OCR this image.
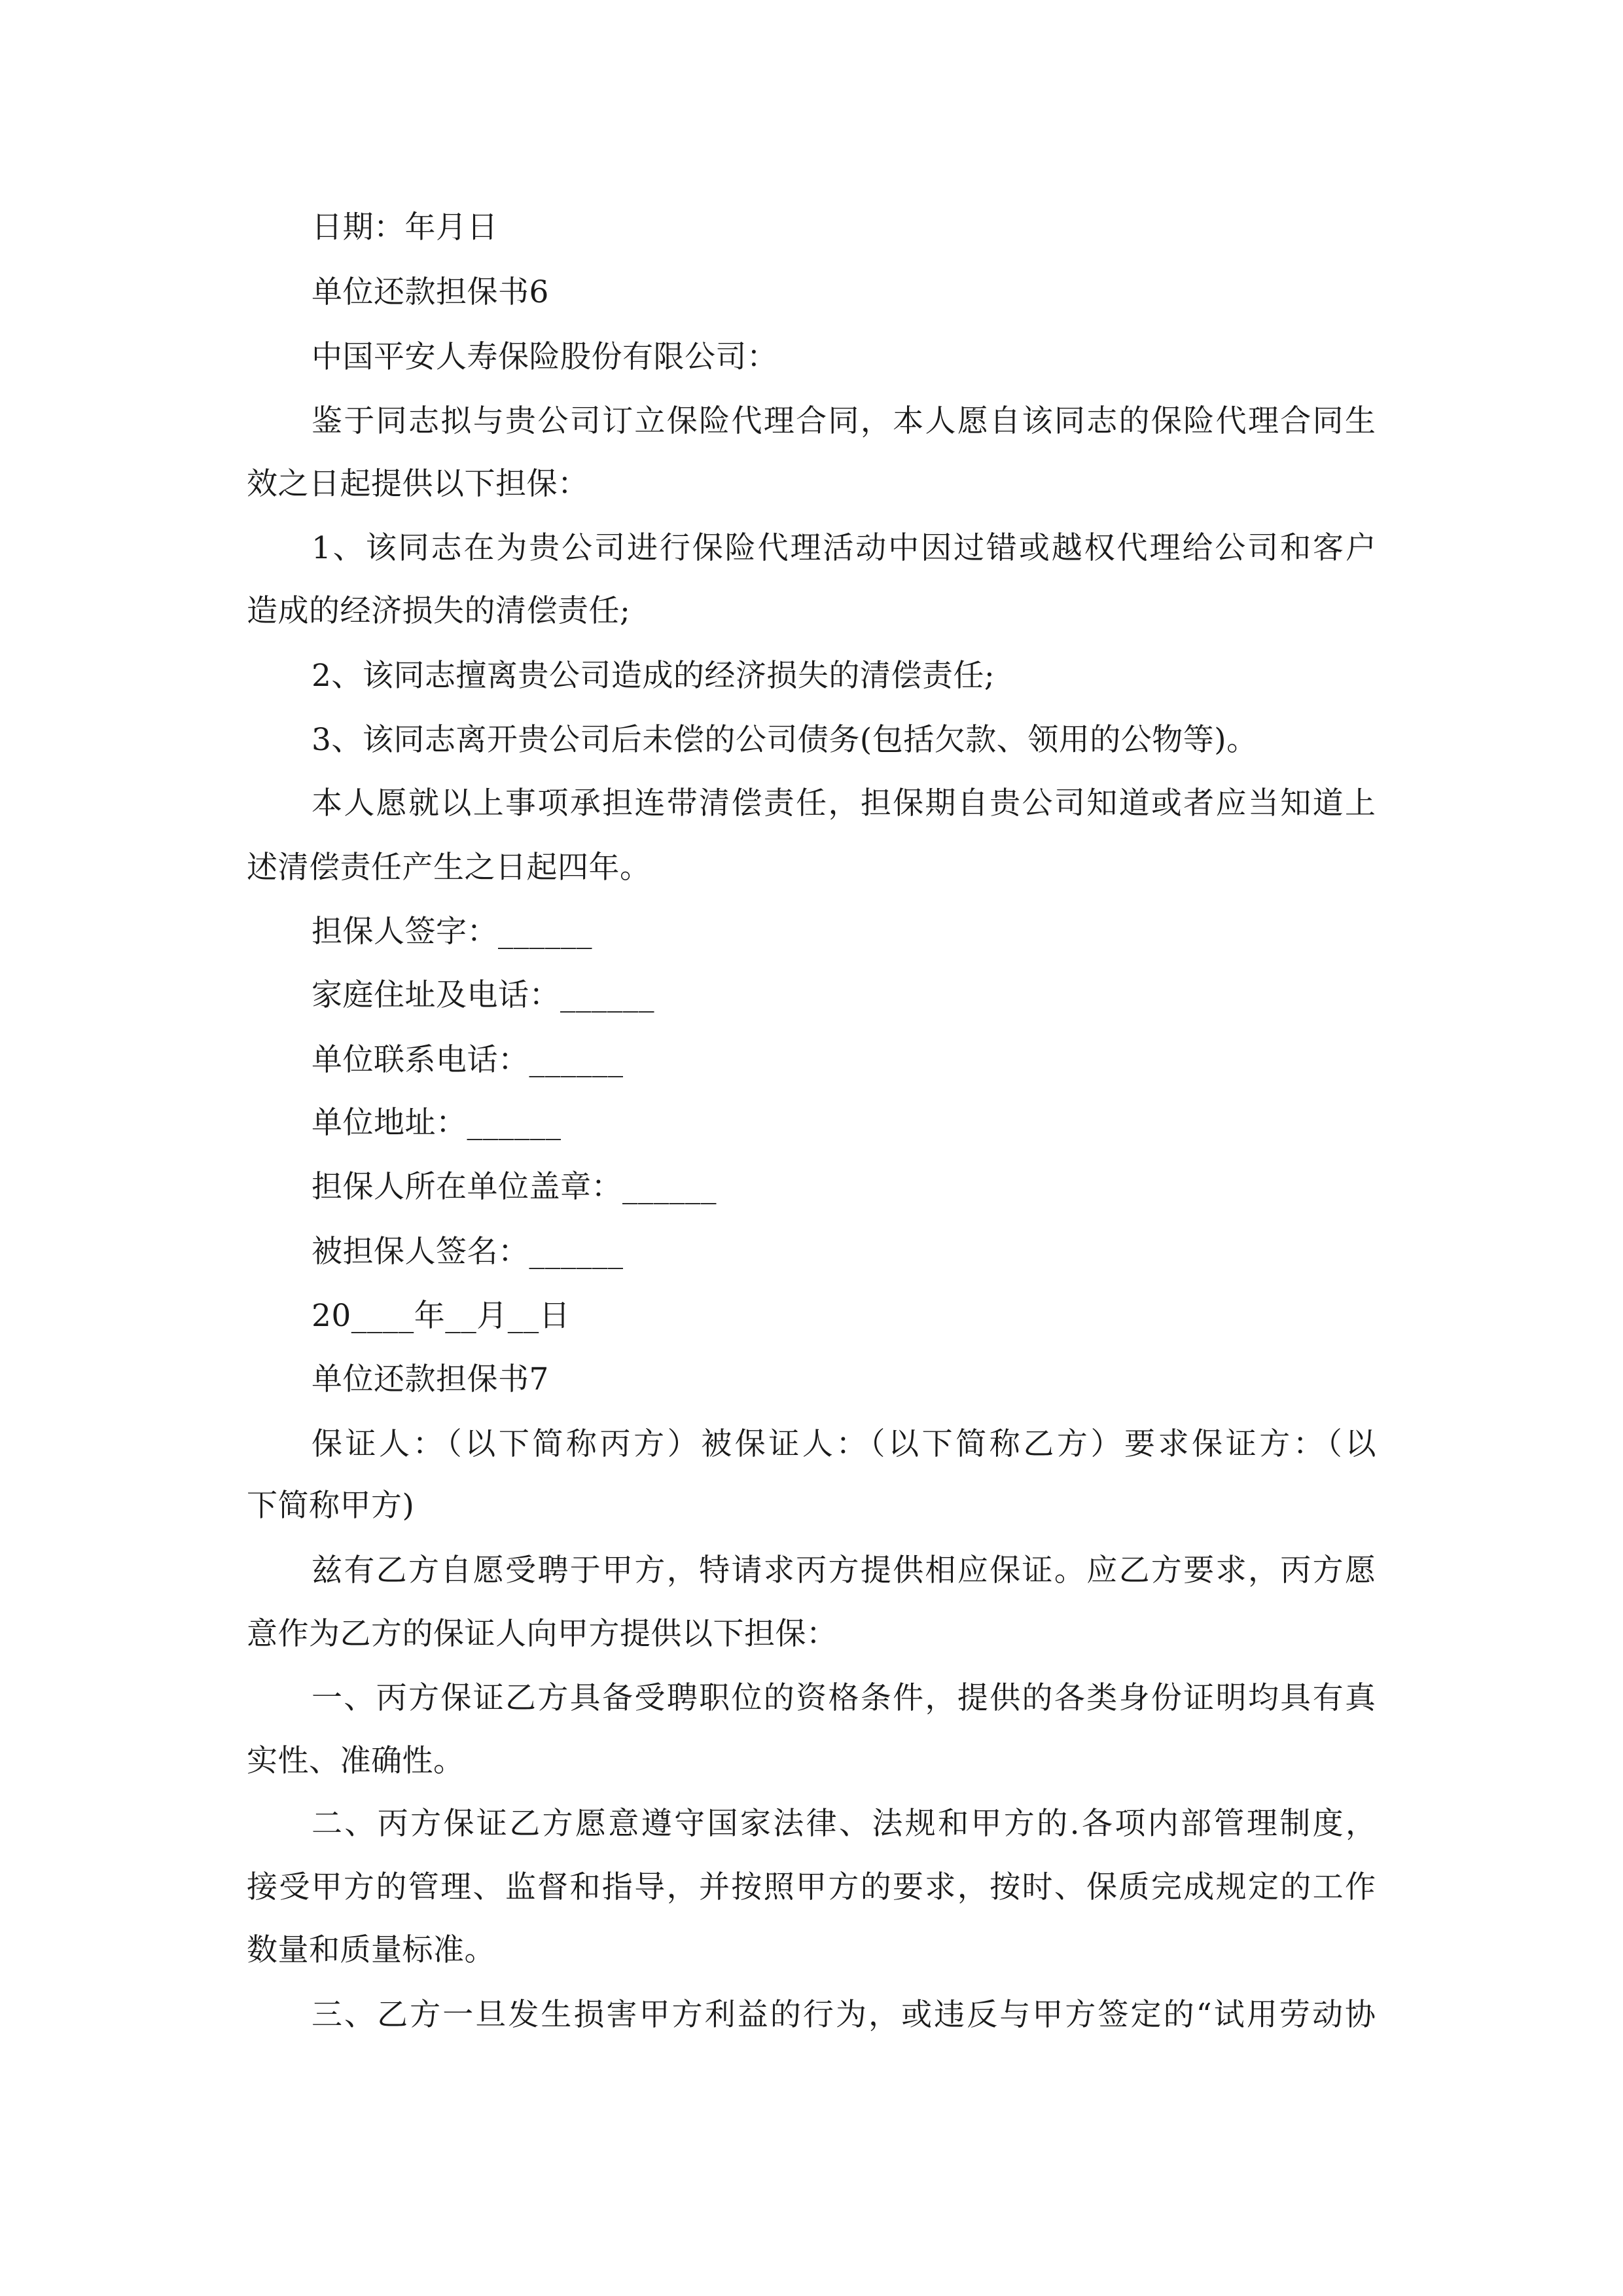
日期：年月日
单位还款担保书6
中国平安人寿保险股份有限公司：
鉴于同志拟与贵公司订立保险代理合同，本人愿自该同志的保险代理合同生
效之日起提供以下担保：
1、该同志在为贵公司进行保险代理活动中因过错或越权代理给公司和客户
造成的经济损失的清偿责任;
2、该同志擅离贵公司造成的经济损失的清偿责任;
3、该同志离开贵公司后未偿的公司债务(包括欠款、领用的公物等)。
本人愿就以上事项承担连带清偿责任，担保期自贵公司知道或者应当知道上
述清偿责任产生之日起四年。
担保人签字：______
家庭住址及电话：______
单位联系电话：______
单位地址：______
担保人所在单位盖章：______
被担保人签名：______
20____年__月__日
单位还款担保书7
保证人：（以下简称丙方）被保证人：（以下简称乙方）要求保证方：（以
下简称甲方)
兹有乙方自愿受聘于甲方，特请求丙方提供相应保证。应乙方要求，丙方愿
意作为乙方的保证人向甲方提供以下担保：
一、丙方保证乙方具备受聘职位的资格条件，提供的各类身份证明均具有真
实性、准确性。
二、丙方保证乙方愿意遵守国家法律、法规和甲方的.各项内部管理制度，
接受甲方的管理、监督和指导，并按照甲方的要求，按时、保质完成规定的工作
数量和质量标准。
三、乙方一旦发生损害甲方利益的行为，或违反与甲方签定的“试用劳动协
